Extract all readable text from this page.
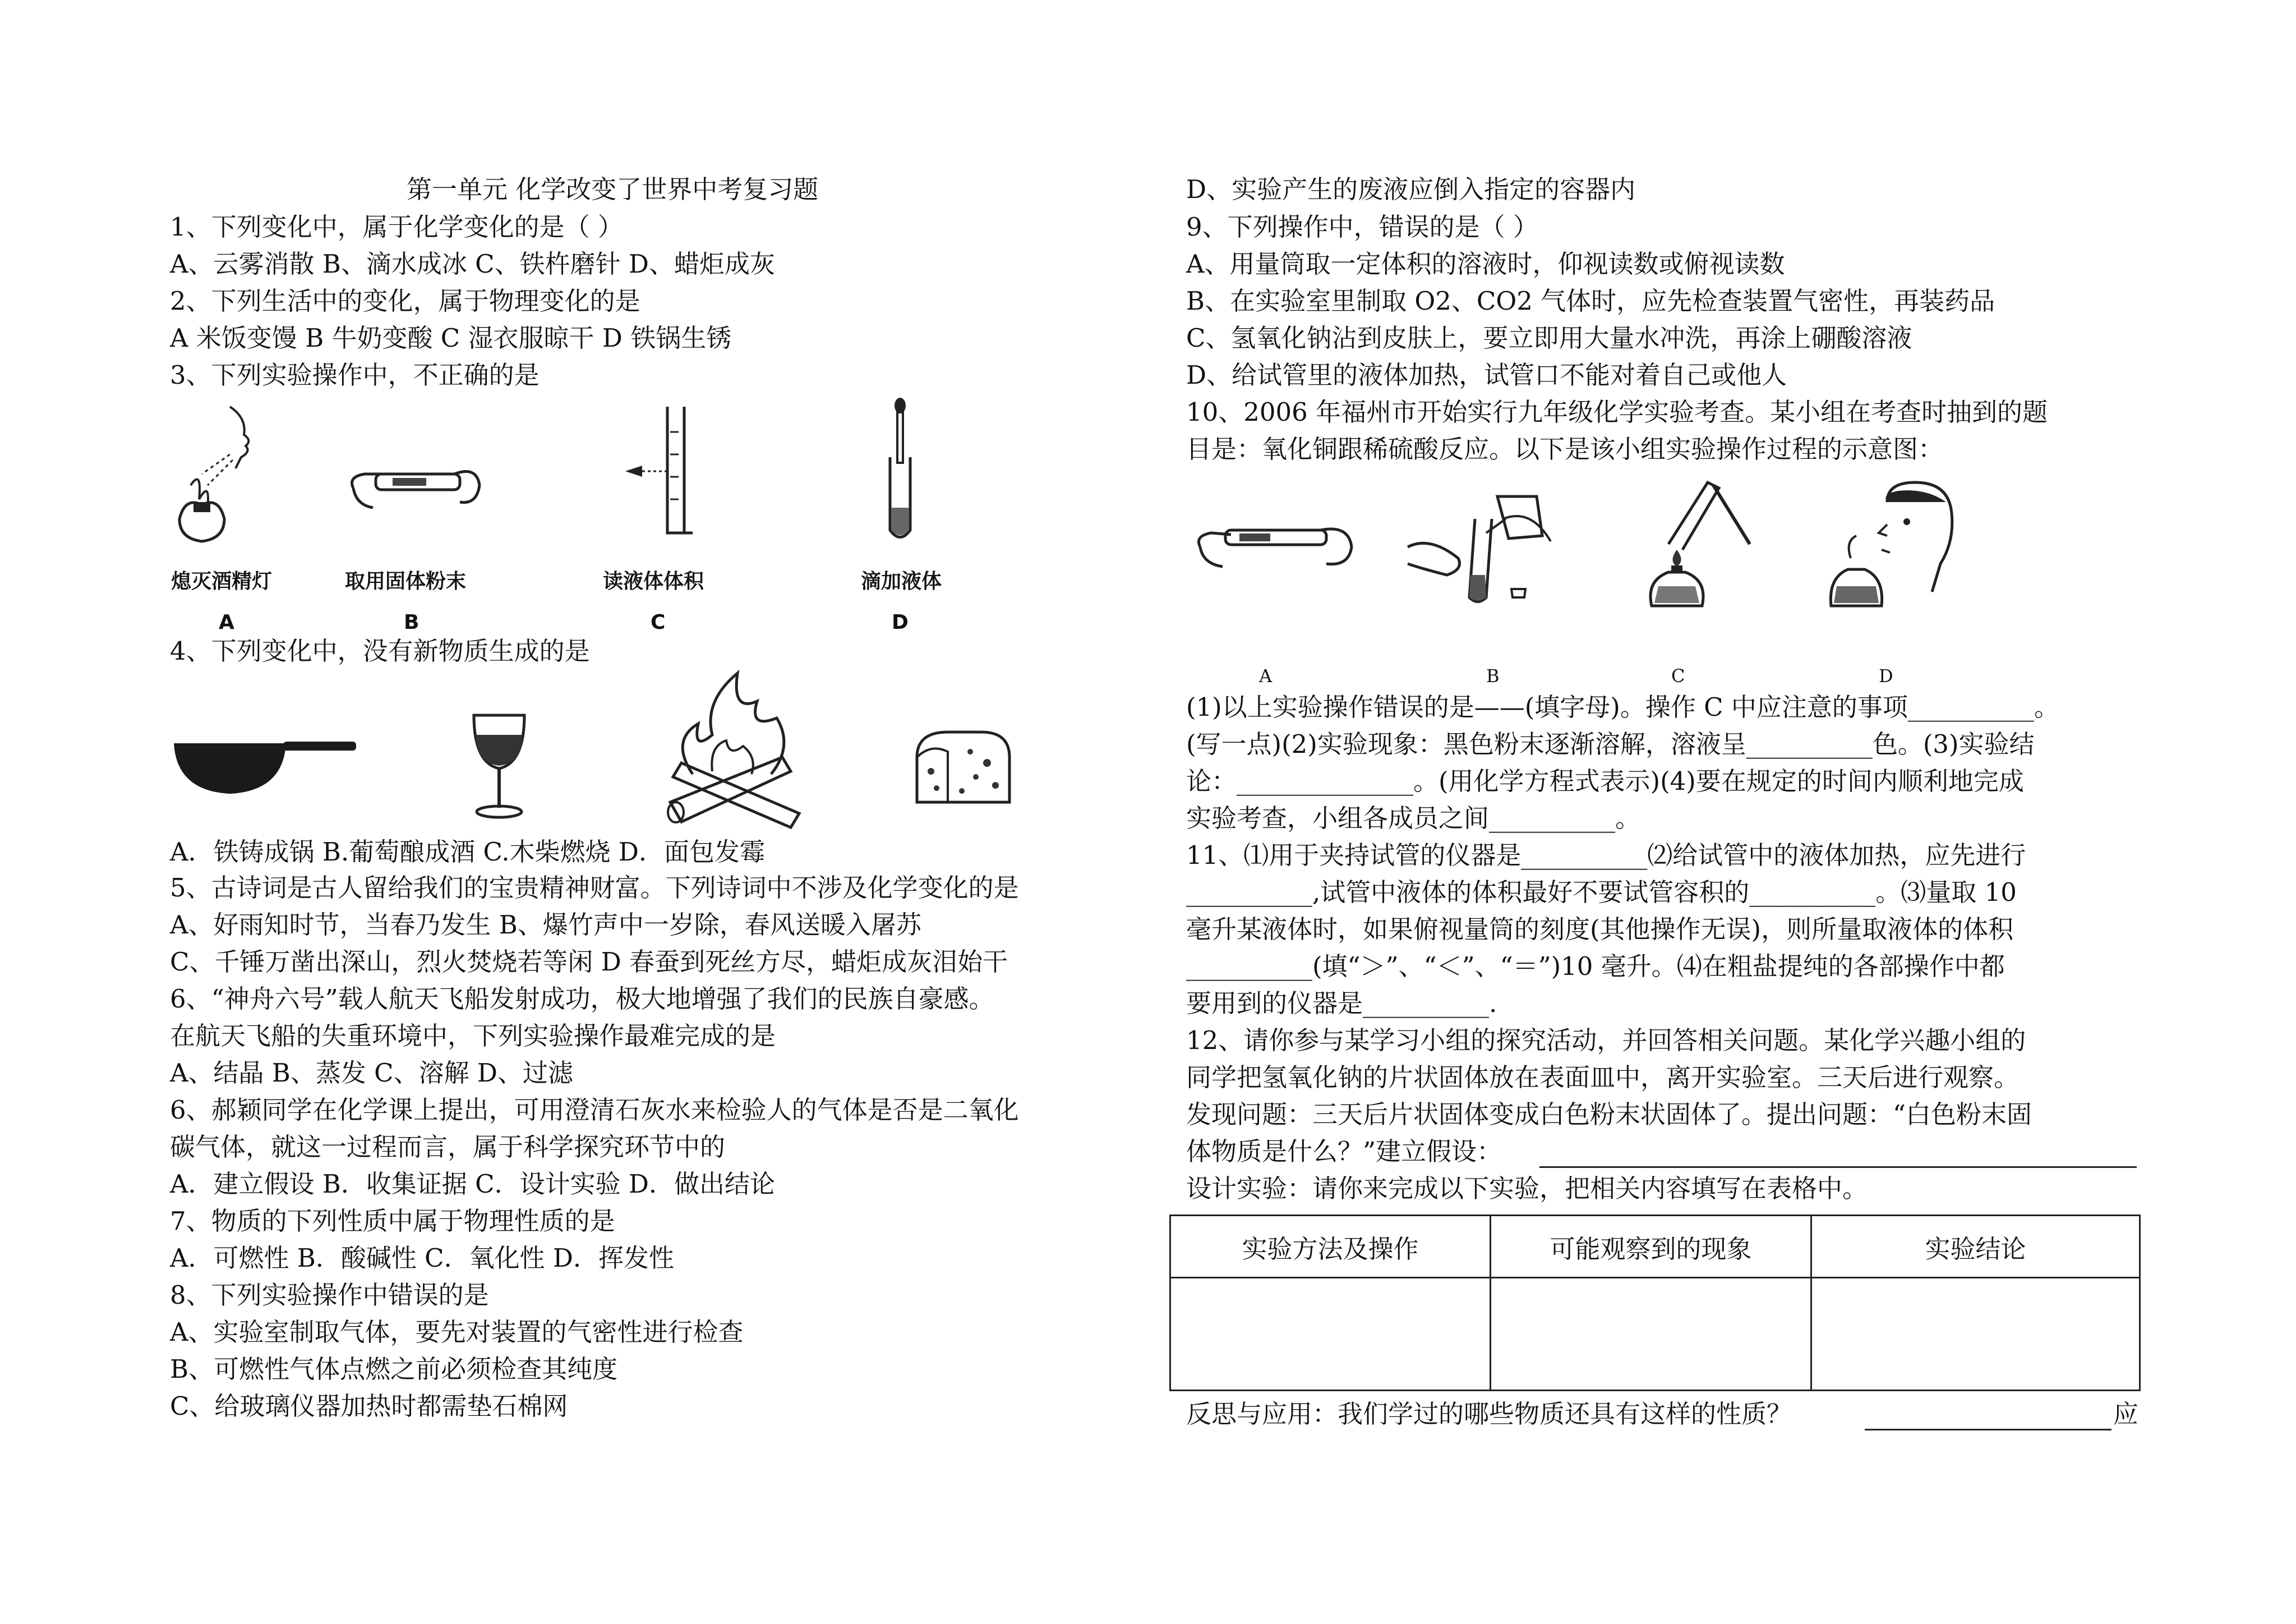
第一单元 化学改变了世界中考复习题
1、下列变化中，属于化学变化的是（ ）
A、云雾消散 B、滴水成冰 C、铁杵磨针 D、蜡炬成灰
2、下列生活中的变化，属于物理变化的是
A 米饭变馒 B 牛奶变酸 C 湿衣服晾干 D 铁锅生锈
3、下列实验操作中，不正确的是
熄灭酒精灯	取用固体粉末	读液体体积	滴加液体
A	B	C	D
4、下列变化中，没有新物质生成的是
A．铁铸成锅 B.葡萄酿成酒 C.木柴燃烧 D．面包发霉
5、古诗词是古人留给我们的宝贵精神财富。下列诗词中不涉及化学变化的是
A、好雨知时节，当春乃发生 B、爆竹声中一岁除，春风送暖入屠苏
C、千锤万凿出深山，烈火焚烧若等闲 D 春蚕到死丝方尽，蜡炬成灰泪始干
6、“神舟六号”载人航天飞船发射成功，极大地增强了我们的民族自豪感。
在航天飞船的失重环境中，下列实验操作最难完成的是
A、结晶 B、蒸发 C、溶解 D、过滤
6、郝颖同学在化学课上提出，可用澄清石灰水来检验人的气体是否是二氧化
碳气体，就这一过程而言，属于科学探究环节中的
A．建立假设 B．收集证据 C．设计实验 D．做出结论
7、物质的下列性质中属于物理性质的是
A．可燃性 B．酸碱性 C．氧化性 D．挥发性
8、下列实验操作中错误的是
A、实验室制取气体，要先对装置的气密性进行检查
B、可燃性气体点燃之前必须检查其纯度
C、给玻璃仪器加热时都需垫石棉网
D、实验产生的废液应倒入指定的容器内
9、下列操作中，错误的是（ ）
A、用量筒取一定体积的溶液时，仰视读数或俯视读数
B、在实验室里制取 O2、CO2 气体时，应先检查装置气密性，再装药品
C、氢氧化钠沾到皮肤上，要立即用大量水冲洗，再涂上硼酸溶液
D、给试管里的液体加热，试管口不能对着自己或他人
10、2006 年福州市开始实行九年级化学实验考查。某小组在考查时抽到的题
目是：氧化铜跟稀硫酸反应。以下是该小组实验操作过程的示意图：
A	B	C	D
(1)以上实验操作错误的是——(填字母)。操作 C 中应注意的事项__________。
(写一点)(2)实验现象：黑色粉末逐渐溶解，溶液呈__________色。(3)实验结
论：______________。(用化学方程式表示)(4)要在规定的时间内顺利地完成
实验考查，小组各成员之间__________。
11、⑴用于夹持试管的仪器是__________⑵给试管中的液体加热，应先进行
__________,试管中液体的体积最好不要试管容积的__________。⑶量取 10
毫升某液体时，如果俯视量筒的刻度(其他操作无误)，则所量取液体的体积
__________(填“＞”、“＜”、“＝”)10 毫升。⑷在粗盐提纯的各部操作中都
要用到的仪器是__________.
12、请你参与某学习小组的探究活动，并回答相关问题。某化学兴趣小组的
同学把氢氧化钠的片状固体放在表面皿中，离开实验室。三天后进行观察。
发现问题：三天后片状固体变成白色粉末状固体了。提出问题：“白色粉末固
体物质是什么？”建立假设：
设计实验：请你来完成以下实验，把相关内容填写在表格中。
实验方法及操作	可能观察到的现象	实验结论
反思与应用：我们学过的哪些物质还具有这样的性质？	应
